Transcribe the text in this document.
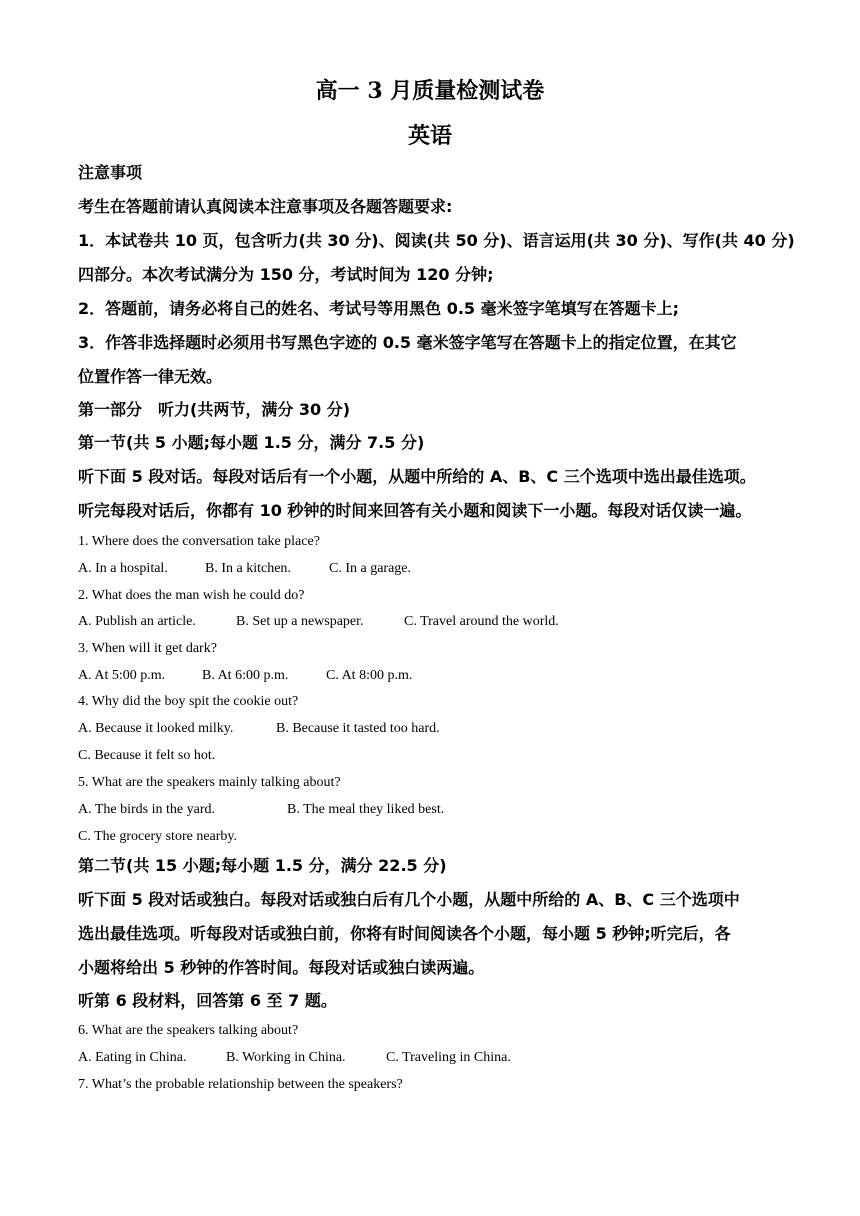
高一 3 月质量检测试卷
英语
注意事项
考生在答题前请认真阅读本注意事项及各题答题要求:
1．本试卷共 10 页，包含听力(共 30 分)、阅读(共 50 分)、语言运用(共 30 分)、写作(共 40 分)
四部分。本次考试满分为 150 分，考试时间为 120 分钟;
2．答题前，请务必将自己的姓名、考试号等用黑色 0.5 毫米签字笔填写在答题卡上;
3．作答非选择题时必须用书写黑色字迹的 0.5 毫米签字笔写在答题卡上的指定位置，在其它
位置作答一律无效。
第一部分　听力(共两节，满分 30 分)
第一节(共 5 小题;每小题 1.5 分，满分 7.5 分)
听下面 5 段对话。每段对话后有一个小题，从题中所给的 A、B、C 三个选项中选出最佳选项。
听完每段对话后，你都有 10 秒钟的时间来回答有关小题和阅读下一小题。每段对话仅读一遍。
1. Where does the conversation take place?
A. In a hospital.	B. In a kitchen.	C. In a garage.
2. What does the man wish he could do?
A. Publish an article.	B. Set up a newspaper.	C. Travel around the world.
3. When will it get dark?
A. At 5:00 p.m.	B. At 6:00 p.m.	C. At 8:00 p.m.
4. Why did the boy spit the cookie out?
A. Because it looked milky.	B. Because it tasted too hard.
C. Because it felt so hot.
5. What are the speakers mainly talking about?
A. The birds in the yard.	B. The meal they liked best.
C. The grocery store nearby.
第二节(共 15 小题;每小题 1.5 分，满分 22.5 分)
听下面 5 段对话或独白。每段对话或独白后有几个小题，从题中所给的 A、B、C 三个选项中
选出最佳选项。听每段对话或独白前，你将有时间阅读各个小题，每小题 5 秒钟;听完后，各
小题将给出 5 秒钟的作答时间。每段对话或独白读两遍。
听第 6 段材料，回答第 6 至 7 题。
6. What are the speakers talking about?
A. Eating in China.	B. Working in China.	C. Traveling in China.
7. What’s the probable relationship between the speakers?
